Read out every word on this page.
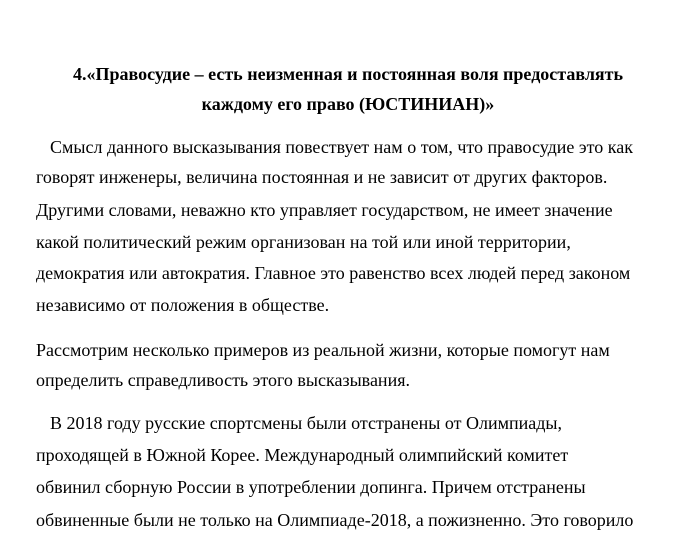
4.«Правосудие – есть неизменная и постоянная воля предоставлять
каждому его право (ЮСТИНИАН)»
Смысл данного высказывания повествует нам о том, что правосудие это как
говорят инженеры, величина постоянная и не зависит от других факторов.
Другими словами, неважно кто управляет государством, не имеет значение
какой политический режим организован на той или иной территории,
демократия или автократия. Главное это равенство всех людей перед законом
независимо от положения в обществе.
Рассмотрим несколько примеров из реальной жизни, которые помогут нам
определить справедливость этого высказывания.
В 2018 году русские спортсмены были отстранены от Олимпиады,
проходящей в Южной Корее. Международный олимпийский комитет
обвинил сборную России в употреблении допинга. Причем отстранены
обвиненные были не только на Олимпиаде-2018, а пожизненно. Это говорило
